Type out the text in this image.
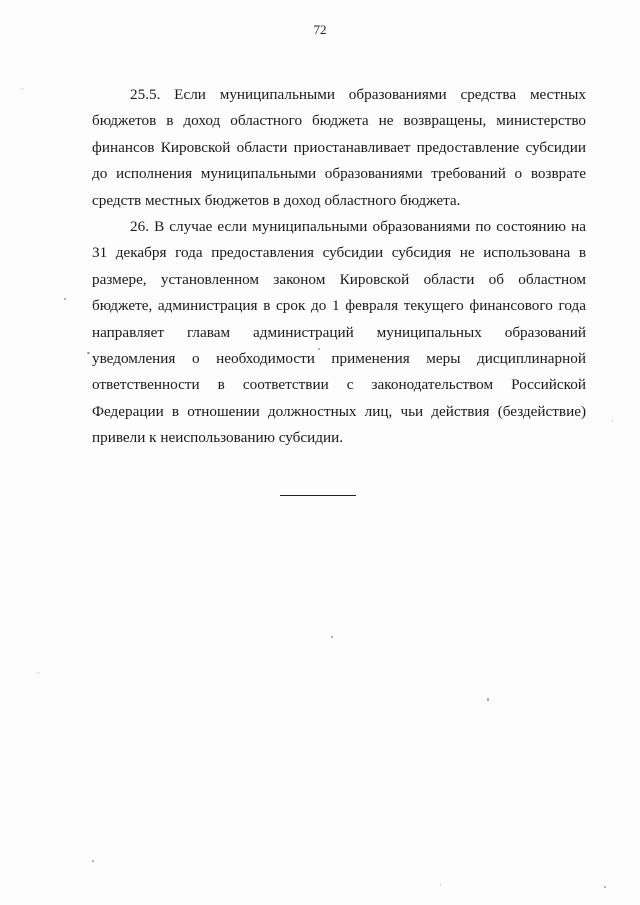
72

25.5. Если муниципальными образованиями средства местных бюджетов в доход областного бюджета не возвращены, министерство финансов Кировской области приостанавливает предоставление субсидии до исполнения муниципальными образованиями требований о возврате средств местных бюджетов в доход областного бюджета.

26. В случае если муниципальными образованиями по состоянию на 31 декабря года предоставления субсидии субсидия не использована в размере, установленном законом Кировской области об областном бюджете, администрация в срок до 1 февраля текущего финансового года направляет главам администраций муниципальных образований уведомления о необходимости применения меры дисциплинарной ответственности в соответствии с законодательством Российской Федерации в отношении должностных лиц, чьи действия (бездействие) привели к неиспользованию субсидии.
